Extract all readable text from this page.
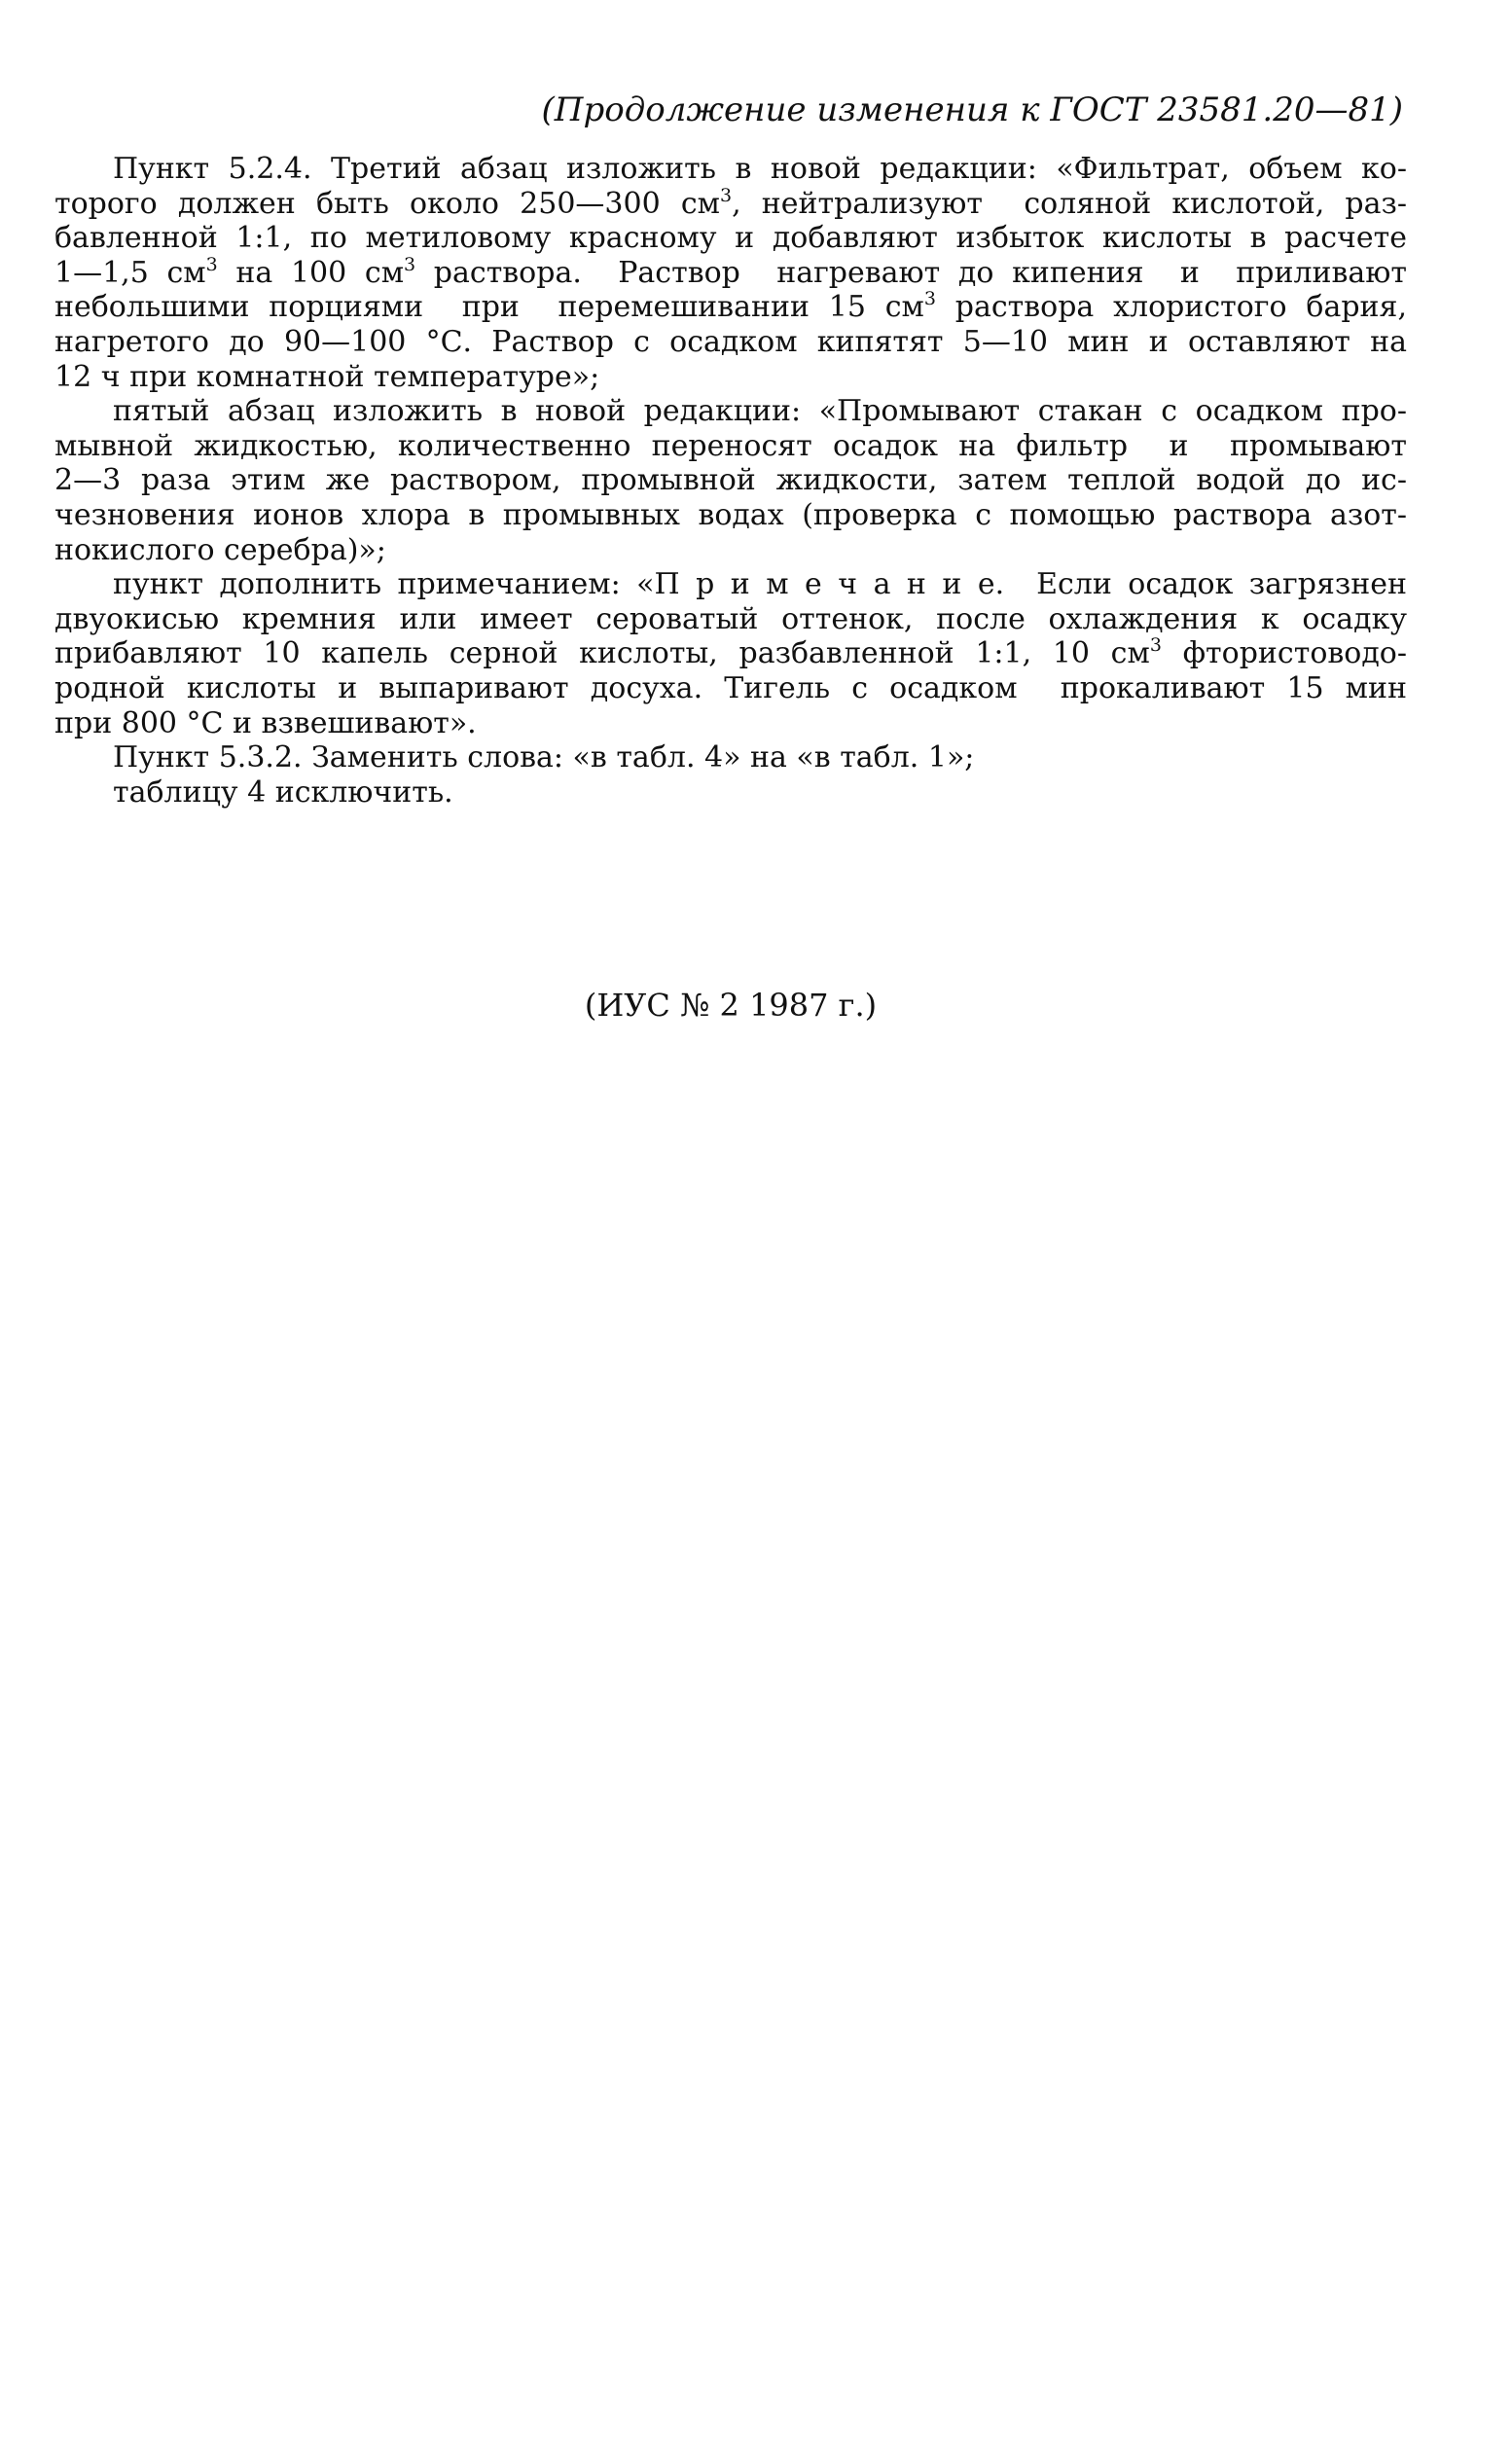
(Продолжение изменения к ГОСТ 23581.20—81)
Пункт 5.2.4. Третий абзац изложить в новой редакции: «Фильтрат, объем ко-
торого должен быть около 250—300 $см^3$, нейтрализуют  соляной кислотой, раз-
бавленной 1:1, по метиловому красному и добавляют избыток кислоты в расчете
1—1,5 $см^3$ на 100 $см^3$ раствора.  Раствор  нагревают до кипения  и  приливают
небольшими порциями  при  перемешивании 15 $см^3$ раствора хлористого бария,
нагретого до 90—100 °С. Раствор с осадком кипятят 5—10 мин и оставляют на
12 ч при комнатной температуре»;
пятый абзац изложить в новой редакции: «Промывают стакан с осадком про-
мывной жидкостью, количественно переносят осадок на фильтр  и  промывают
2—3 раза этим же раствором, промывной жидкости, затем теплой водой до ис-
чезновения ионов хлора в промывных водах (проверка с помощью раствора азот-
нокислого серебра)»;
пункт дополнить примечанием: «П р и м е ч а н и е.  Если осадок загрязнен
двуокисью кремния или имеет сероватый оттенок, после охлаждения к осадку
прибавляют 10 капель серной кислоты, разбавленной 1:1, 10 $см^3$ фтористоводо-
родной кислоты и выпаривают досуха. Тигель с осадком  прокаливают 15 мин
при 800 °С и взвешивают».
Пункт 5.3.2. Заменить слова: «в табл. 4» на «в табл. 1»;
таблицу 4 исключить.
(ИУС № 2 1987 г.)
